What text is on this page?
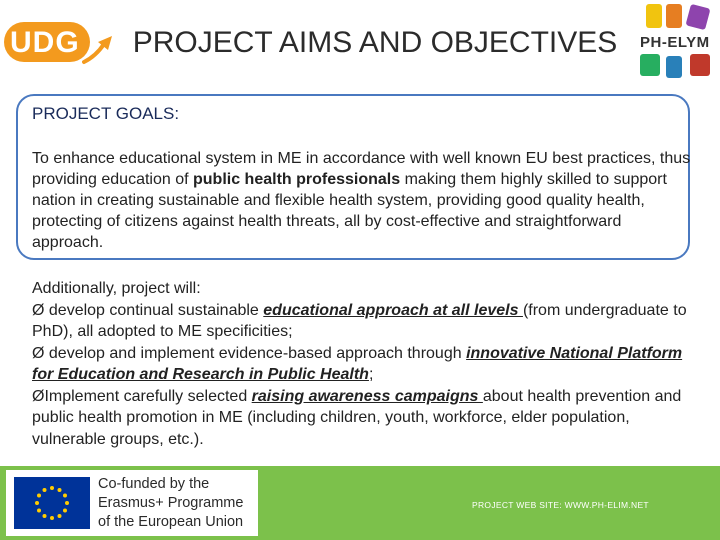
UDG	PROJECT AIMS AND OBJECTIVES	PH-ELYM
PROJECT GOALS:
To enhance educational system in ME in accordance with well known EU best practices, thus providing education of public health professionals making them highly skilled to support nation in creating sustainable and flexible health system, providing good quality health, protecting of citizens against health threats, all by cost-effective and straightforward approach.
Additionally, project will:
Ø develop continual sustainable educational approach at all levels (from undergraduate to PhD), all adopted to ME specificities;
Ø develop and implement evidence-based approach through innovative National Platform for Education and Research in Public Health;
ØImplement carefully selected raising awareness campaigns about health prevention and public health promotion in ME (including children, youth, workforce, elder population, vulnerable groups, etc.).
Co-funded by the
Erasmus+ Programme
of the European Union
PROJECT WEB SITE: WWW.PH-ELIM.NET
